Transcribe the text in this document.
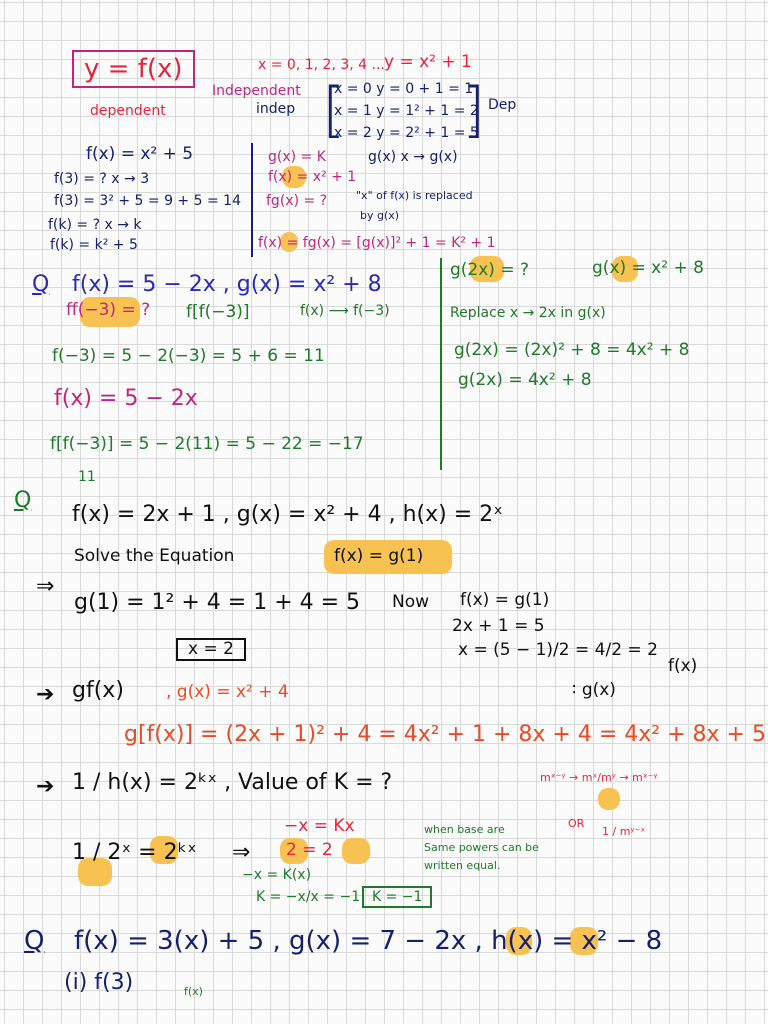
y = f(x)	x = 0, 1, 2, 3, 4 ... y = x² + 1
Independent
indep
dependent
x = 0 y = 0 + 1 = 1
x = 1 y = 1² + 1 = 2
x = 2 y = 2² + 1 = 5
Dep
[ ]
f(x) = x² + 5
f(3) = ? x → 3
f(3) = 3² + 5 = 9 + 5 = 14
f(k) = ? x → k
f(k) = k² + 5
g(x) = K
f(x) = x² + 1
fg(x) = ?
g(x) x → g(x)
"x" of f(x) is replaced
by g(x)
f(x) = fg(x) = [g(x)]² + 1 = K² + 1
Q f(x) = 5 − 2x , g(x) = x² + 8
ff(−3) = ? f[f(−3)]	f(x) ⟶ f(−3)
f(−3) = 5 − 2(−3) = 5 + 6 = 11
f(x) = 5 − 2x
f[f(−3)] = 5 − 2(11) = 5 − 22 = −17
11
g(2x) = ?	g(x) = x² + 8
Replace x → 2x in g(x)
g(2x) = (2x)² + 8 = 4x² + 8
g(2x) = 4x² + 8
Q
f(x) = 2x + 1 , g(x) = x² + 4 , h(x) = 2ˣ
Solve the Equation	f(x) = g(1)
⇒
g(1) = 1² + 4 = 1 + 4 = 5 Now f(x) = g(1)
2x + 1 = 5
x = (5 − 1)/2 = 4/2 = 2
x = 2
➔ gf(x) , g(x) = x² + 4	∶ g(x)
f(x)
g[f(x)] = (2x + 1)² + 4 = 4x² + 1 + 8x + 4 = 4x² + 8x + 5
➔ 1 / h(x) = 2ᵏˣ , Value of K = ?	mˣ⁻ʸ → mˣ/mʸ → mˣ⁻ʸ
OR
1 / mʸ⁻ˣ
1 / 2ˣ = 2ᵏˣ ⇒
−x = Kx
2 = 2
when base are
Same powers can be
written equal.
−x = K(x)
K = −x/x = −1 K = −1
Q f(x) = 3(x) + 5 , g(x) = 7 − 2x , h(x) = x² − 8
(i) f(3)	f(x)
